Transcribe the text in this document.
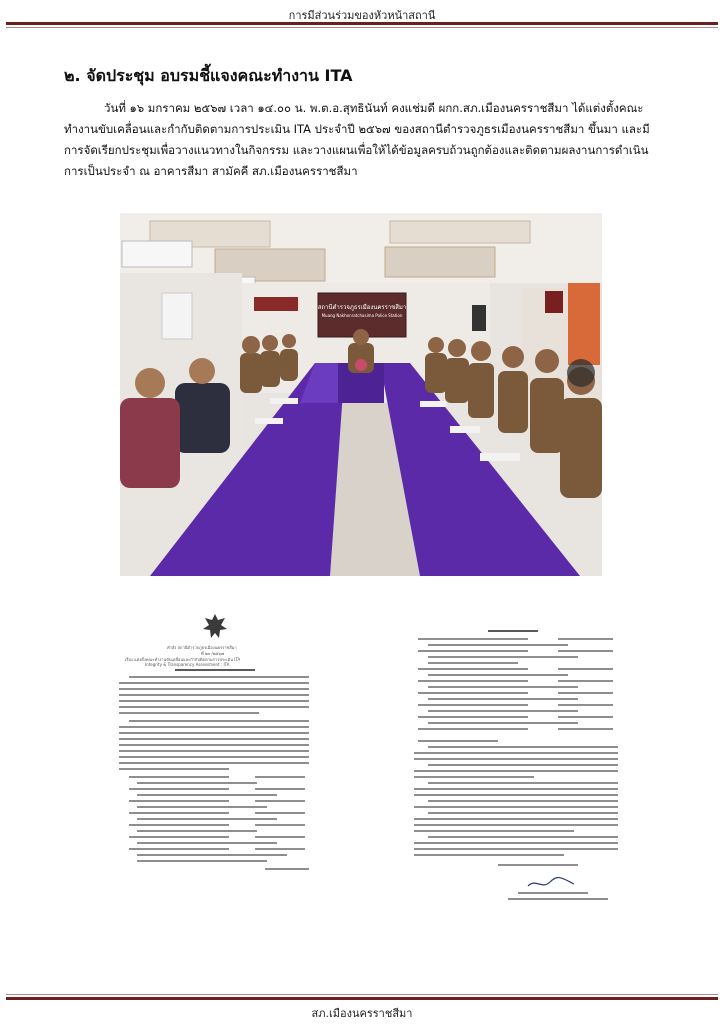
การมีส่วนร่วมของหัวหน้าสถานี
๒. จัดประชุม อบรมชี้แจงคณะทำงาน ITA
วันที่ ๑๖ มกราคม ๒๕๖๗ เวลา ๑๔.๐๐ น. พ.ต.อ.สุทธินันท์ คงแช่มดี ผกก.สภ.เมืองนครราชสีมา ได้แต่งตั้งคณะทำงานขับเคลื่อนและกำกับติดตามการประเมิน ITA ประจำปี ๒๕๖๗ ของสถานีตำรวจภูธรเมืองนครราชสีมา ขึ้นมา และมีการจัดเรียกประชุมเพื่อวางแนวทางในกิจกรรม และวางแผนเพื่อให้ได้ข้อมูลครบถ้วนถูกต้องและติดตามผลงานการดำเนินการเป็นประจำ ณ อาคารสีมา สามัคคี สภ.เมืองนครราชสีมา
สถานีตำรวจภูธรเมืองนครราชสีมา
Muang Nakhonratchasima Police Station
คำสั่ง สถานีตำรวจภูธรเมืองนครราชสีมา
ที่ ๒๓ /๒๕๖๗
เรื่อง แต่งตั้งคณะทำงานขับเคลื่อนและกำกับติดตามการประเมิน ITA
Integrity & Transparency Assessment : ITA
สภ.เมืองนครราชสีมา
